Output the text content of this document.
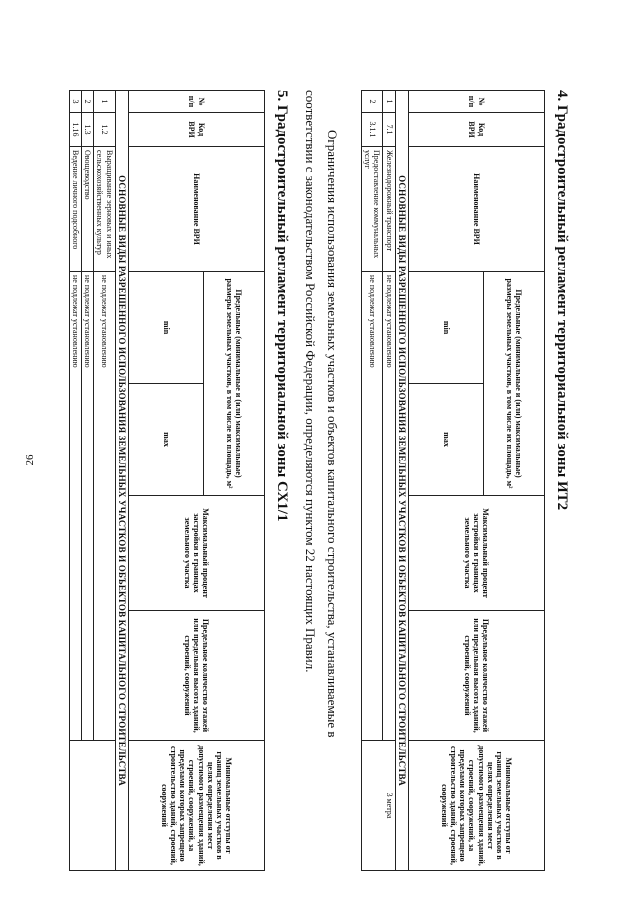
26	4. Градостроительный регламент территориальной зоны ИТ2
№ п/п	Код ВРИ	Наименование ВРИ	Предельные (минимальные и (или) максимальные) размеры земельных участков, в том числе их площадь, м²		Максимальный процент застройки в границах земельного участка	Предельное количество этажей или предельная высота зданий, строений, сооружений	Минимальные отступы от границ земельных участков в целях определения мест допустимого размещения зданий, строений, сооружений, за пределами которых запрещено строительство зданий, строений, сооружений
			min	max			
ОСНОВНЫЕ ВИДЫ РАЗРЕШЕННОГО ИСПОЛЬЗОВАНИЯ ЗЕМЕЛЬНЫХ УЧАСТКОВ И ОБЪЕКТОВ КАПИТАЛЬНОГО СТРОИТЕЛЬСТВА							
1	7.1	Железнодорожный транспорт	не подлежат установлению				3 метра
2	3.1.1	Предоставление коммунальных услуг	не подлежат установлению				
Ограничения использования земельных участков и объектов капитального строительства, устанавливаемые в
соответствии с законодательством Российской Федерации, определяются пунктом 22 настоящих Правил.
5. Градостроительный регламент территориальной зоны СХ1/1
№ п/п	Код ВРИ	Наименование ВРИ	Предельные (минимальные и (или) максимальные) размеры земельных участков, в том числе их площадь, м²		Максимальный процент застройки в границах земельного участка	Предельное количество этажей или предельная высота зданий, строений, сооружений	Минимальные отступы от границ земельных участков в целях определения мест допустимого размещения зданий, строений, сооружений, за пределами которых запрещено строительство зданий, строений, сооружений
			min	max			
ОСНОВНЫЕ ВИДЫ РАЗРЕШЕННОГО ИСПОЛЬЗОВАНИЯ ЗЕМЕЛЬНЫХ УЧАСТКОВ И ОБЪЕКТОВ КАПИТАЛЬНОГО СТРОИТЕЛЬСТВА							
1	1.2	Выращивание зерновых и иных сельскохозяйственных культур	не подлежат установлению				
2	1.3	Овощеводство	не подлежат установлению				
3	1.16	Ведение личного подсобного	не подлежат установлению				
